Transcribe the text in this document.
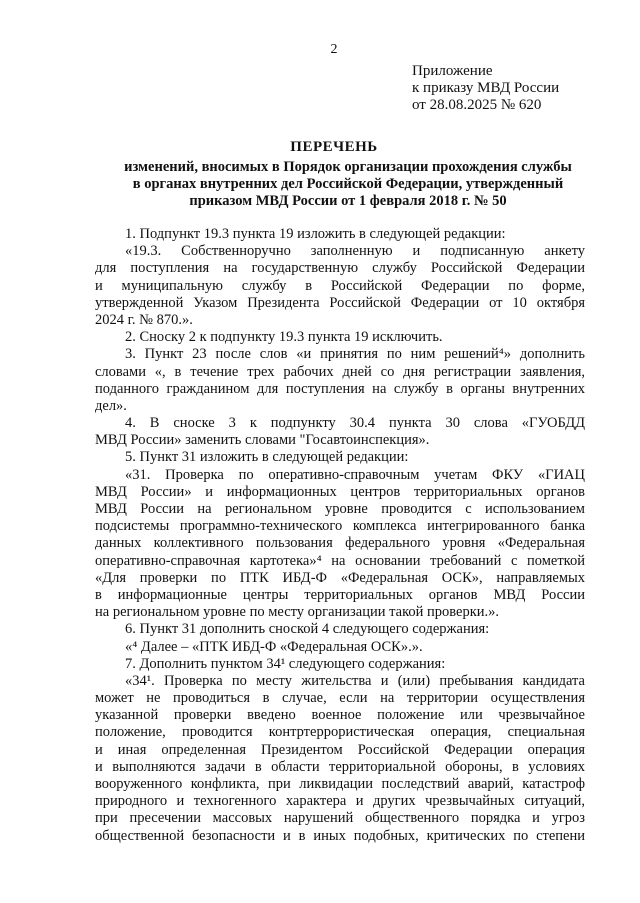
2
Приложение
к приказу МВД России
от 28.08.2025 № 620
ПЕРЕЧЕНЬ
изменений, вносимых в Порядок организации прохождения службы
в органах внутренних дел Российской Федерации, утвержденный
приказом МВД России от 1 февраля 2018 г. № 50
1. Подпункт 19.3 пункта 19 изложить в следующей редакции:
«19.3. Собственноручно заполненную и подписанную анкету
для поступления на государственную службу Российской Федерации
и муниципальную службу в Российской Федерации по форме,
утвержденной Указом Президента Российской Федерации от 10 октября
2024 г. № 870.».
2. Сноску 2 к подпункту 19.3 пункта 19 исключить.
3. Пункт 23 после слов «и принятия по ним решений⁴» дополнить
словами «, в течение трех рабочих дней со дня регистрации заявления,
поданного гражданином для поступления на службу в органы внутренних
дел».
4. В сноске 3 к подпункту 30.4 пункта 30 слова «ГУОБДД
МВД России» заменить словами "Госавтоинспекция».
5. Пункт 31 изложить в следующей редакции:
«31. Проверка по оперативно-справочным учетам ФКУ «ГИАЦ
МВД России» и информационных центров территориальных органов
МВД России на региональном уровне проводится с использованием
подсистемы программно-технического комплекса интегрированного банка
данных коллективного пользования федерального уровня «Федеральная
оперативно-справочная картотека»⁴ на основании требований с пометкой
«Для проверки по ПТК ИБД-Ф «Федеральная ОСК», направляемых
в информационные центры территориальных органов МВД России
на региональном уровне по месту организации такой проверки.».
6. Пункт 31 дополнить сноской 4 следующего содержания:
«⁴ Далее – «ПТК ИБД-Ф «Федеральная ОСК».».
7. Дополнить пунктом 34¹ следующего содержания:
«34¹. Проверка по месту жительства и (или) пребывания кандидата
может не проводиться в случае, если на территории осуществления
указанной проверки введено военное положение или чрезвычайное
положение, проводится контртеррористическая операция, специальная
и иная определенная Президентом Российской Федерации операция
и выполняются задачи в области территориальной обороны, в условиях
вооруженного конфликта, при ликвидации последствий аварий, катастроф
природного и техногенного характера и других чрезвычайных ситуаций,
при пресечении массовых нарушений общественного порядка и угроз
общественной безопасности и в иных подобных, критических по степени
